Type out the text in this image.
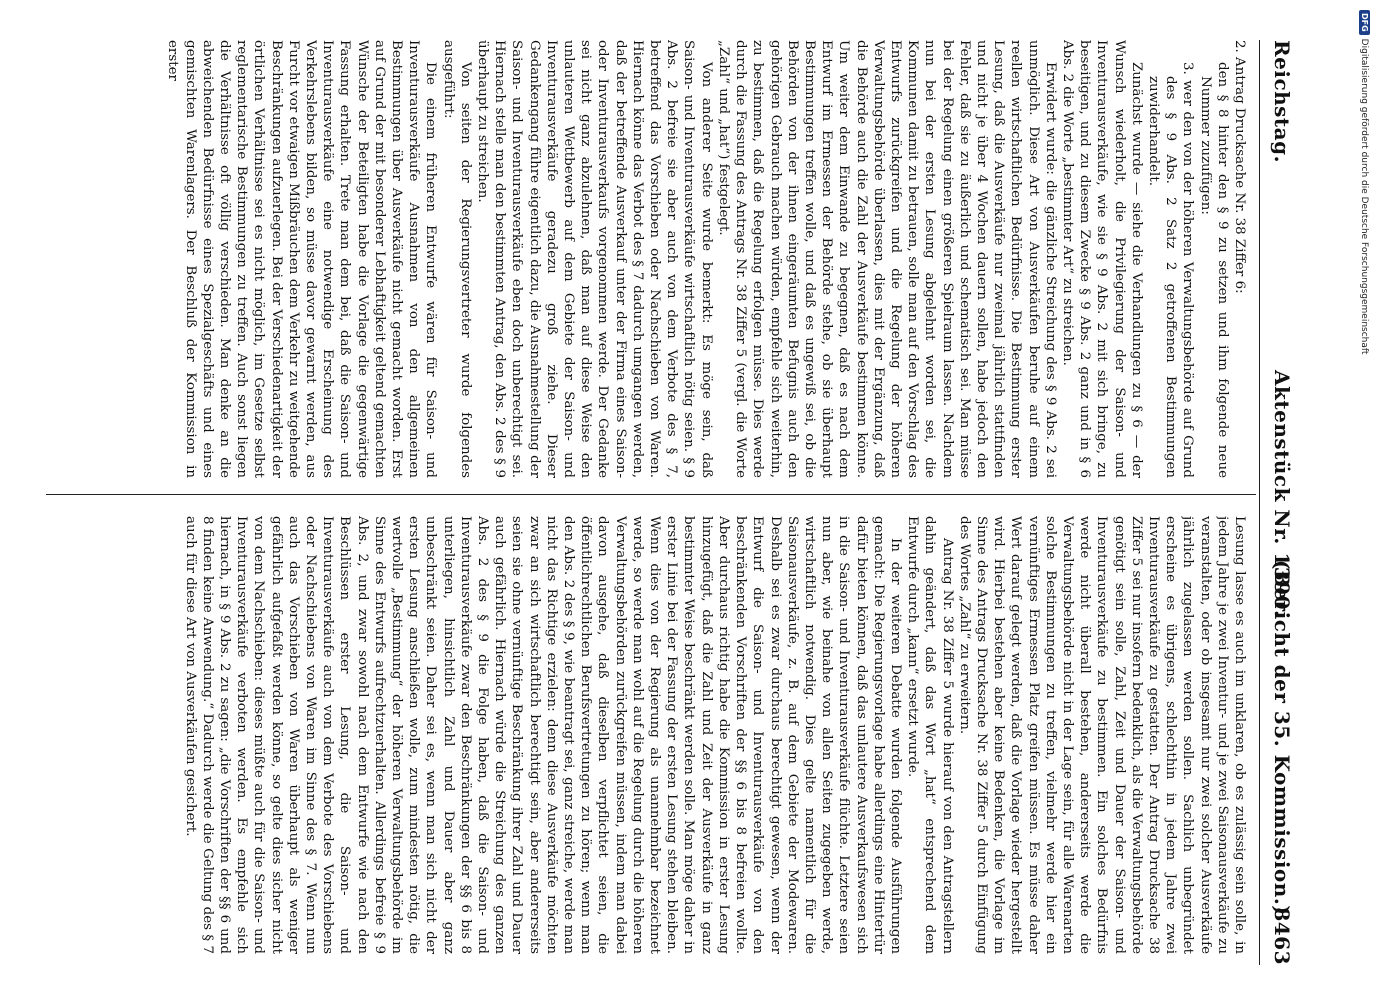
Reichstag.
Aktenstück Nr. 1390.
(Bericht der 35. Kommission.)
8463

2. Antrag Drucksache Nr. 38 Ziffer 6:

den § 8 hinter den § 9 zu setzen und ihm folgende neue Nummer zuzufügen:

3. wer den von der höheren Verwaltungsbehörde auf Grund des § 9 Abs. 2 Satz 2 getroffenen Bestimmungen zuwiderhandelt.

Zunächst wurde — siehe die Verhandlungen zu § 6 — der Wunsch wiederholt, die Privilegierung der Saison- und Inventurausverkäufe, wie sie § 9 Abs. 2 mit sich bringe, zu beseitigen, und zu diesem Zwecke § 9 Abs. 2 ganz und in § 6 Abs. 2 die Worte „bestimmter Art“ zu streichen.

Erwidert wurde: die gänzliche Streichung des § 9 Abs. 2 sei unmöglich. Diese Art von Ausverkäufen beruhe auf einem reellen wirtschaftlichen Bedürfnisse. Die Bestimmung erster Lesung, daß die Ausverkäufe nur zweimal jährlich stattfinden und nicht je über 4 Wochen dauern sollen, habe jedoch den Fehler, daß sie zu äußerlich und schematisch sei. Man müsse bei der Regelung einen größeren Spielraum lassen. Nachdem nun bei der ersten Lesung abgelehnt worden sei, die Kommunen damit zu betrauen, solle man auf den Vorschlag des Entwurfs zurückgreifen und die Regelung der höheren Verwaltungsbehörde überlassen, dies mit der Ergänzung, daß die Behörde auch die Zahl der Ausverkäufe bestimmen könne. Um weiter dem Einwande zu begegnen, daß es nach dem Entwurf im Ermessen der Behörde stehe, ob sie überhaupt Bestimmungen treffen wolle, und daß es ungewiß sei, ob die Behörden von der ihnen eingeräumten Befugnis auch den gehörigen Gebrauch machen würden, empfehle sich weiterhin, zu bestimmen, daß die Regelung erfolgen müsse. Dies werde durch die Fassung des Antrags Nr. 38 Ziffer 5 (vergl. die Worte „Zahl“ und „hat“) festgelegt.

Von anderer Seite wurde bemerkt: Es möge sein, daß Saison- und Inventurausverkäufe wirtschaftlich nötig seien. § 9 Abs. 2 befreie sie aber auch von dem Verbote des § 7, betreffend das Vorschieben oder Nachschieben von Waren. Hiernach könne das Verbot des § 7 dadurch umgangen werden, daß der betreffende Ausverkauf unter der Firma eines Saison- oder Inventurausverkaufs vorgenommen werde. Der Gedanke sei nicht ganz abzulehnen, daß man auf diese Weise den unlauteren Wettbewerb auf dem Gebiete der Saison- und Inventurausverkäufe geradezu groß ziehe. Dieser Gedankengang führe eigentlich dazu, die Ausnahmestellung der Saison- und Inventurausverkäufe eben doch unberechtigt sei. Hiernach stelle man den bestimmten Antrag, den Abs. 2 des § 9 überhaupt zu streichen.

Von seiten der Regierungsvertreter wurde folgendes ausgeführt:

Die einem früheren Entwurfe wären für Saison- und Inventurausverkäufe Ausnahmen von den allgemeinen Bestimmungen über Ausverkäufe nicht gemacht worden. Erst auf Grund der mit besonderer Lebhaftigkeit geltend gemachten Wünsche der Beteiligten habe die Vorlage die gegenwärtige Fassung erhalten. Trete man dem bei, daß die Saison- und Inventurausverkäufe eine notwendige Erscheinung des Verkehrslebens bilden, so müsse davor gewarnt werden, aus Furcht vor etwaigen Mißbräuchen dem Verkehr zu weitgehende Beschränkungen aufzuerlegen. Bei der Verschiedenartigkeit der örtlichen Verhältnisse sei es nicht möglich, im Gesetze selbst reglementarische Bestimmungen zu treffen. Auch sonst liegen die Verhältnisse oft völlig verschieden. Man denke an die abweichenden Bedürfnisse eines Spezialgeschäfts und eines gemischten Warenlagers. Der Beschluß der Kommission in erster

Lesung lasse es auch im unklaren, ob es zulässig sein solle, in jedem Jahre je zwei Inventur- und je zwei Saisonausverkäufe zu veranstalten, oder ob insgesamt nur zwei solcher Ausverkäufe jährlich zugelassen werden sollen. Sachlich unbegründet erscheine es übrigens, schlechthin in jedem Jahre zwei Inventurausverkäufe zu gestatten. Der Antrag Drucksache 38 Ziffer 5 sei nur insofern bedenklich, als die Verwaltungsbehörde genötigt sein solle, Zahl, Zeit und Dauer der Saison- und Inventurausverkäufe zu bestimmen. Ein solches Bedürfnis werde nicht überall bestehen, andererseits werde die Verwaltungsbehörde nicht in der Lage sein, für alle Warenarten solche Bestimmungen zu treffen, vielmehr werde hier ein vernünftiges Ermessen Platz greifen müssen. Es müsse daher Wert darauf gelegt werden, daß die Vorlage wieder hergestellt wird. Hierbei bestehen aber keine Bedenken, die Vorlage im Sinne des Antrags Drucksache Nr. 38 Ziffer 5 durch Einfügung des Wortes „Zahl“ zu erweitern.

Antrag Nr. 38 Ziffer 5 wurde hierauf von den Antragstellern dahin geändert, daß das Wort „hat“ entsprechend dem Entwurfe durch „kann“ ersetzt wurde.

In der weiteren Debatte wurden folgende Ausführungen gemacht: Die Regierungsvorlage habe allerdings eine Hintertür dafür bieten können, daß das unlautere Ausverkaufswesen sich in die Saison- und Inventurausverkäufe flüchte. Letztere seien nun aber, wie beinahe von allen Seiten zugegeben werde, wirtschaftlich notwendig. Dies gelte namentlich für die Saisonausverkäufe, z. B. auf dem Gebiete der Modewaren. Deshalb sei es zwar durchaus berechtigt gewesen, wenn der Entwurf die Saison- und Inventurausverkäufe von den beschränkenden Vorschriften der §§ 6 bis 8 befreien wollte. Aber durchaus richtig habe die Kommission in erster Lesung hinzugefügt, daß die Zahl und Zeit der Ausverkäufe in ganz bestimmter Weise beschränkt werden solle. Man möge daher in erster Linie bei der Fassung der ersten Lesung stehen bleiben. Wenn dies von der Regierung als unannehmbar bezeichnet werde, so werde man wohl auf die Regelung durch die höheren Verwaltungsbehörden zurückgreifen müssen, indem man dabei davon ausgehe, daß dieselben verpflichtet seien, die öffentlichrechtlichen Berufsvertretungen zu hören; wenn man den Abs. 2 des § 9, wie beantragt sei, ganz streiche, werde man nicht das Richtige erzielen: denn diese Ausverkäufe möchten zwar an sich wirtschaftlich berechtigt sein, aber andererseits seien sie ohne vernünftige Beschränkung ihrer Zahl und Dauer auch gefährlich. Hiernach würde die Streichung des ganzen Abs. 2 des § 9 die Folge haben, daß die Saison- und Inventurausverkäufe zwar den Beschränkungen der §§ 6 bis 8 unterliegen, hinsichtlich Zahl und Dauer aber ganz unbeschränkt seien. Daher sei es, wenn man sich nicht der ersten Lesung anschließen wolle, zum mindesten nötig, die wertvolle „Bestimmung“ der höheren Verwaltungsbehörde im Sinne des Entwurfs aufrechtzuerhalten. Allerdings befreie § 9 Abs. 2, und zwar sowohl nach dem Entwurfe wie nach den Beschlüssen erster Lesung, die Saison- und Inventurausverkäufe auch von dem Verbote des Vorschiebens oder Nachschiebens von Waren im Sinne des § 7. Wenn nun auch das Vorschieben von Waren überhaupt als weniger gefährlich aufgefaßt werden könne, so gelte dies sicher nicht von dem Nachschieben: dieses müßte auch für die Saison- und Inventurausverkäufe verboten werden. Es empfehle sich hiernach, in § 9 Abs. 2 zu sagen: „die Vorschriften der §§ 6 und 8 finden keine Anwendung.“ Dadurch werde die Geltung des § 7 auch für diese Art von Ausverkäufen gesichert.

DFGDigitalisierung gefördert durch die Deutsche Forschungsgemeinschaft
